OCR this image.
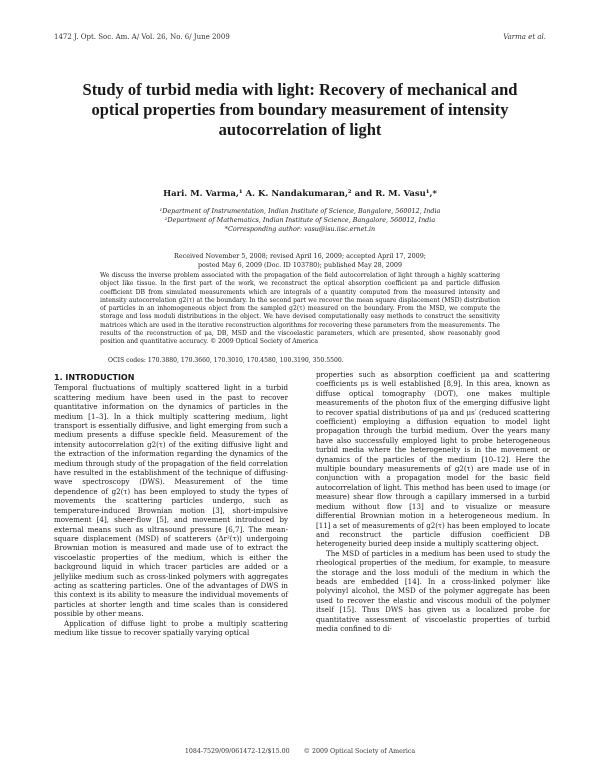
1472 J. Opt. Soc. Am. A/ Vol. 26, No. 6/ June 2009	Varma et al.
Study of turbid media with light: Recovery of mechanical and optical properties from boundary measurement of intensity autocorrelation of light
Hari. M. Varma,¹ A. K. Nandakumaran,² and R. M. Vasu¹,*
¹Department of Instrumentation, Indian Institute of Science, Bangalore, 560012, India
²Department of Mathematics, Indian Institute of Science, Bangalore, 560012, India
*Corresponding author: vasu@isu.iisc.ernet.in
Received November 5, 2008; revised April 16, 2009; accepted April 17, 2009;
posted May 6, 2009 (Doc. ID 103780); published May 28, 2009
We discuss the inverse problem associated with the propagation of the field autocorrelation of light through a highly scattering object like tissue. In the first part of the work, we reconstruct the optical absorption coefficient μa and particle diffusion coefficient DB from simulated measurements which are integrals of a quantity computed from the measured intensity and intensity autocorrelation g2(τ) at the boundary. In the second part we recover the mean square displacement (MSD) distribution of particles in an inhomogeneous object from the sampled g2(τ) measured on the boundary. From the MSD, we compute the storage and loss moduli distributions in the object. We have devised computationally easy methods to construct the sensitivity matrices which are used in the iterative reconstruction algorithms for recovering these parameters from the measurements. The results of the reconstruction of μa, DB, MSD and the viscoelastic parameters, which are presented, show reasonably good position and quantitative accuracy. © 2009 Optical Society of America
OCIS codes: 170.3880, 170.3660, 170.3010, 170.4580, 100.3190, 350.5500.
1. INTRODUCTION

Temporal fluctuations of multiply scattered light in a turbid scattering medium have been used in the past to recover quantitative information on the dynamics of particles in the medium [1–3]. In a thick multiply scattering medium, light transport is essentially diffusive, and light emerging from such a medium presents a diffuse speckle field. Measurement of the intensity autocorrelation g2(τ) of the exiting diffusive light and the extraction of the information regarding the dynamics of the medium through study of the propagation of the field correlation have resulted in the establishment of the technique of diffusing-wave spectroscopy (DWS). Measurement of the time dependence of g2(τ) has been employed to study the types of movements the scattering particles undergo, such as temperature-induced Brownian motion [3], short-impulsive movement [4], sheer-flow [5], and movement introduced by external means such as ultrasound pressure [6,7]. The mean-square displacement (MSD) of scatterers ⟨Δr²(τ)⟩ undergoing Brownian motion is measured and made use of to extract the viscoelastic properties of the medium, which is either the background liquid in which tracer particles are added or a jellylike medium such as cross-linked polymers with aggregates acting as scattering particles. One of the advantages of DWS in this context is its ability to measure the individual movements of particles at shorter length and time scales than is considered possible by other means.

Application of diffuse light to probe a multiply scattering medium like tissue to recover spatially varying optical

properties such as absorption coefficient μa and scattering coefficients μs is well established [8,9]. In this area, known as diffuse optical tomography (DOT), one makes multiple measurements of the photon flux of the emerging diffusive light to recover spatial distributions of μa and μs′ (reduced scattering coefficient) employing a diffusion equation to model light propagation through the turbid medium. Over the years many have also successfully employed light to probe heterogeneous turbid media where the heterogeneity is in the movement or dynamics of the particles of the medium [10–12]. Here the multiple boundary measurements of g2(τ) are made use of in conjunction with a propagation model for the basic field autocorrelation of light. This method has been used to image (or measure) shear flow through a capillary immersed in a turbid medium without flow [13] and to visualize or measure differential Brownian motion in a heterogeneous medium. In [11] a set of measurements of g2(τ) has been employed to locate and reconstruct the particle diffusion coefficient DB heterogeneity buried deep inside a multiply scattering object.

The MSD of particles in a medium has been used to study the rheological properties of the medium, for example, to measure the storage and the loss moduli of the medium in which the beads are embedded [14]. In a cross-linked polymer like polyvinyl alcohol, the MSD of the polymer aggregate has been used to recover the elastic and viscous moduli of the polymer itself [15]. Thus DWS has given us a localized probe for quantitative assessment of viscoelastic properties of turbid media confined to di-

1084-7529/09/061472-12/$15.00 © 2009 Optical Society of America
